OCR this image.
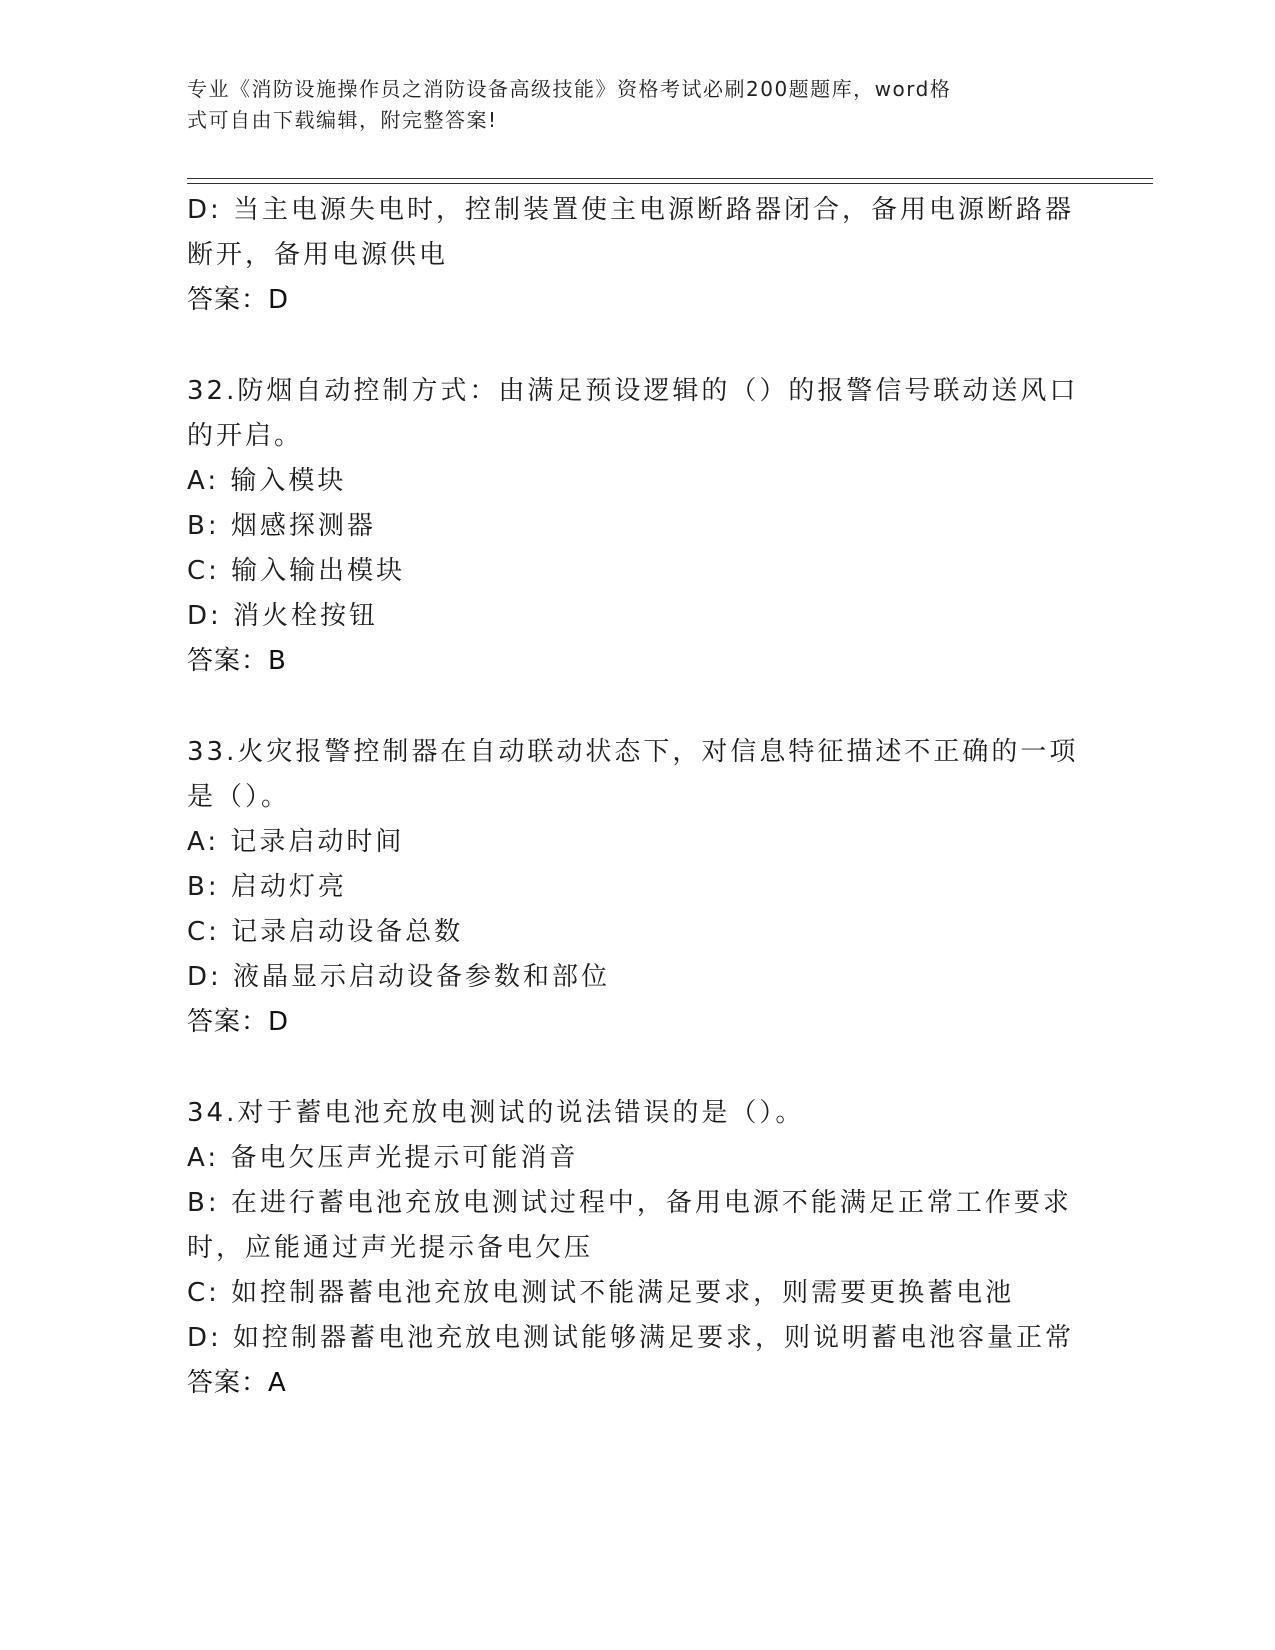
专业《消防设施操作员之消防设备高级技能》资格考试必刷200题题库，word格
式可自由下载编辑，附完整答案!

D: 当主电源失电时，控制装置使主电源断路器闭合，备用电源断路器

断开，备用电源供电

答案：D

32.防烟自动控制方式：由满足预设逻辑的（）的报警信号联动送风口

的开启。

A: 输入模块

B: 烟感探测器

C: 输入输出模块

D: 消火栓按钮

答案：B

33.火灾报警控制器在自动联动状态下，对信息特征描述不正确的一项

是（）。

A: 记录启动时间

B: 启动灯亮

C: 记录启动设备总数

D: 液晶显示启动设备参数和部位

答案：D

34.对于蓄电池充放电测试的说法错误的是（）。

A: 备电欠压声光提示可能消音

B: 在进行蓄电池充放电测试过程中，备用电源不能满足正常工作要求

时，应能通过声光提示备电欠压

C: 如控制器蓄电池充放电测试不能满足要求，则需要更换蓄电池

D: 如控制器蓄电池充放电测试能够满足要求，则说明蓄电池容量正常

答案：A
